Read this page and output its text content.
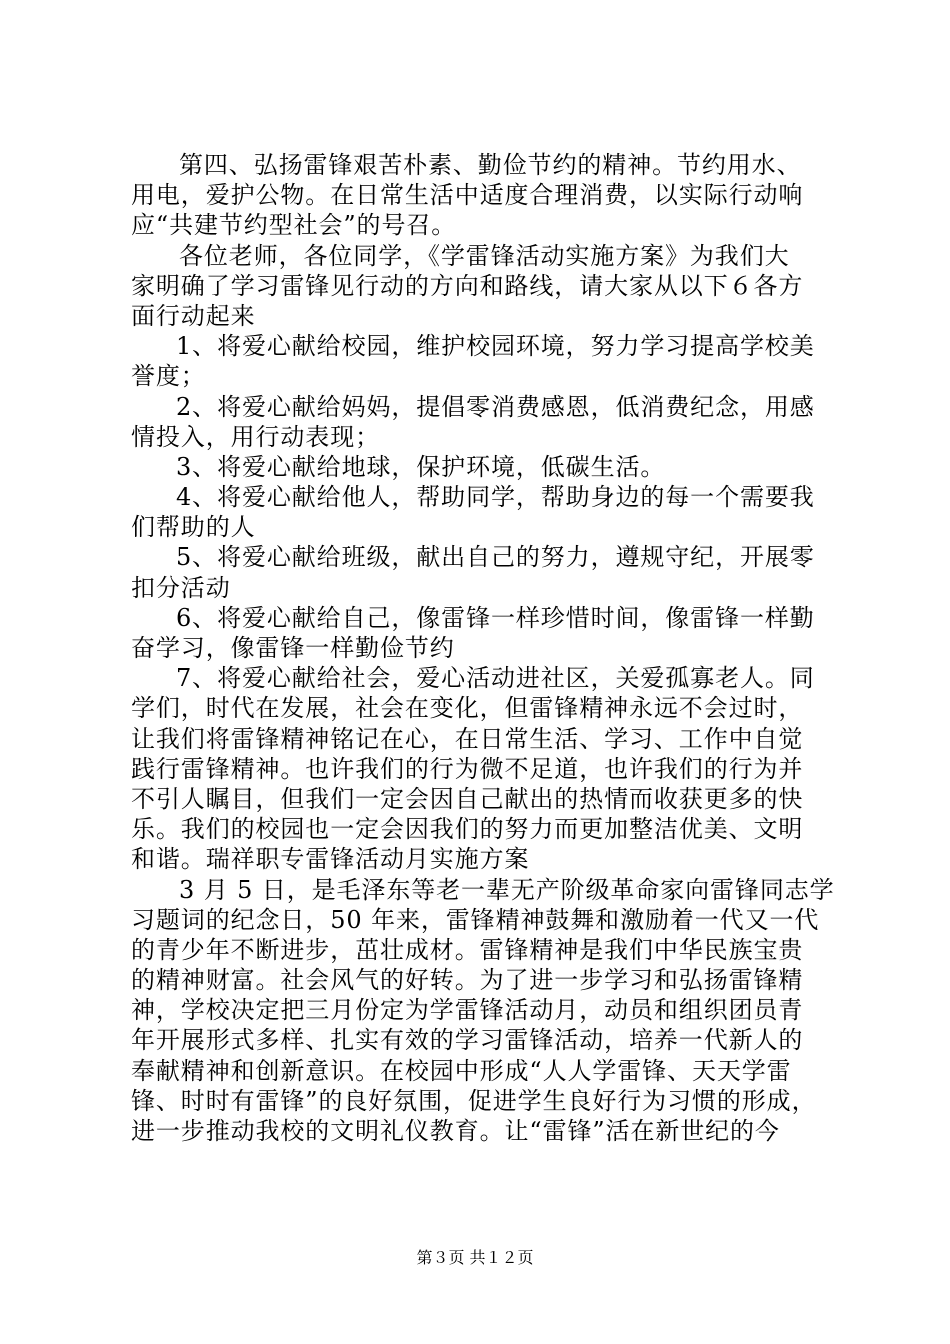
第四、弘扬雷锋艰苦朴素、勤俭节约的精神。节约用水、
用电，爱护公物。在日常生活中适度合理消费，以实际行动响
应“共建节约型社会”的号召。
各位老师，各位同学，《学雷锋活动实施方案》为我们大
家明确了学习雷锋见行动的方向和路线，请大家从以下６各方
面行动起来
1、将爱心献给校园，维护校园环境，努力学习提高学校美
誉度；
2、将爱心献给妈妈，提倡零消费感恩，低消费纪念，用感
情投入，用行动表现；
3、将爱心献给地球，保护环境，低碳生活。
4、将爱心献给他人，帮助同学，帮助身边的每一个需要我
们帮助的人
5、将爱心献给班级，献出自己的努力，遵规守纪，开展零
扣分活动
6、将爱心献给自己，像雷锋一样珍惜时间，像雷锋一样勤
奋学习，像雷锋一样勤俭节约
7、将爱心献给社会，爱心活动进社区，关爱孤寡老人。同
学们，时代在发展，社会在变化，但雷锋精神永远不会过时，
让我们将雷锋精神铭记在心，在日常生活、学习、工作中自觉
践行雷锋精神。也许我们的行为微不足道，也许我们的行为并
不引人瞩目，但我们一定会因自己献出的热情而收获更多的快
乐。我们的校园也一定会因我们的努力而更加整洁优美、文明
和谐。瑞祥职专雷锋活动月实施方案
3 月 5 日，是毛泽东等老一辈无产阶级革命家向雷锋同志学
习题词的纪念日，50 年来，雷锋精神鼓舞和激励着一代又一代
的青少年不断进步，茁壮成材。雷锋精神是我们中华民族宝贵
的精神财富。社会风气的好转。为了进一步学习和弘扬雷锋精
神，学校决定把三月份定为学雷锋活动月，动员和组织团员青
年开展形式多样、扎实有效的学习雷锋活动，培养一代新人的
奉献精神和创新意识。在校园中形成“人人学雷锋、天天学雷
锋、时时有雷锋”的良好氛围，促进学生良好行为习惯的形成，
进一步推动我校的文明礼仪教育。让“雷锋”活在新世纪的今
第３页 共１２页
